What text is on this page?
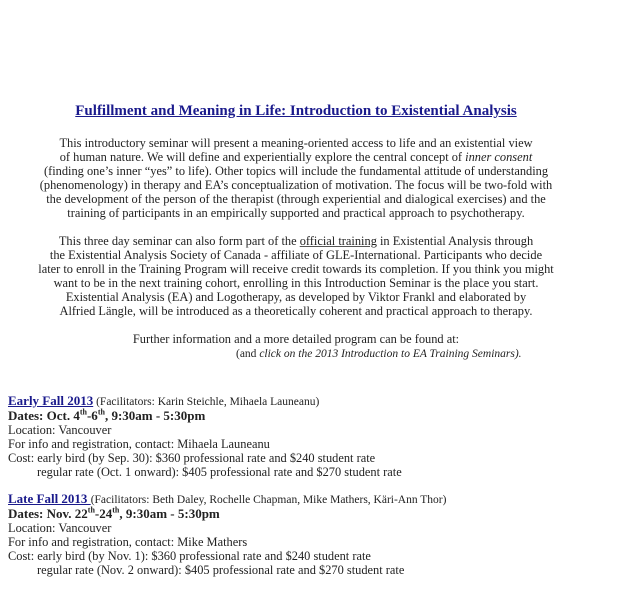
Fulfillment and Meaning in Life: Introduction to Existential Analysis
This introductory seminar will present a meaning-oriented access to life and an existential view
of human nature. We will define and experientially explore the central concept of inner consent
(finding one’s inner “yes” to life). Other topics will include the fundamental attitude of understanding
(phenomenology) in therapy and EA’s conceptualization of motivation. The focus will be two-fold with
the development of the person of the therapist (through experiential and dialogical exercises) and the
training of participants in an empirically supported and practical approach to psychotherapy.
This three day seminar can also form part of the official training in Existential Analysis through
the Existential Analysis Society of Canada - affiliate of GLE-International. Participants who decide
later to enroll in the Training Program will receive credit towards its completion. If you think you might
want to be in the next training cohort, enrolling in this Introduction Seminar is the place you start.
Existential Analysis (EA) and Logotherapy, as developed by Viktor Frankl and elaborated by
Alfried Längle, will be introduced as a theoretically coherent and practical approach to therapy.
Further information and a more detailed program can be found at:
(and click on the 2013 Introduction to EA Training Seminars).
Early Fall 2013 (Facilitators: Karin Steichle, Mihaela Launeanu)
Dates: Oct. 4th-6th, 9:30am - 5:30pm
Location: Vancouver
For info and registration, contact: Mihaela Launeanu
Cost: early bird (by Sep. 30): $360 professional rate and $240 student rate
regular rate (Oct. 1 onward): $405 professional rate and $270 student rate
Late Fall 2013 (Facilitators: Beth Daley, Rochelle Chapman, Mike Mathers, Käri-Ann Thor)
Dates: Nov. 22th-24th, 9:30am - 5:30pm
Location: Vancouver
For info and registration, contact: Mike Mathers
Cost: early bird (by Nov. 1): $360 professional rate and $240 student rate
regular rate (Nov. 2 onward): $405 professional rate and $270 student rate
